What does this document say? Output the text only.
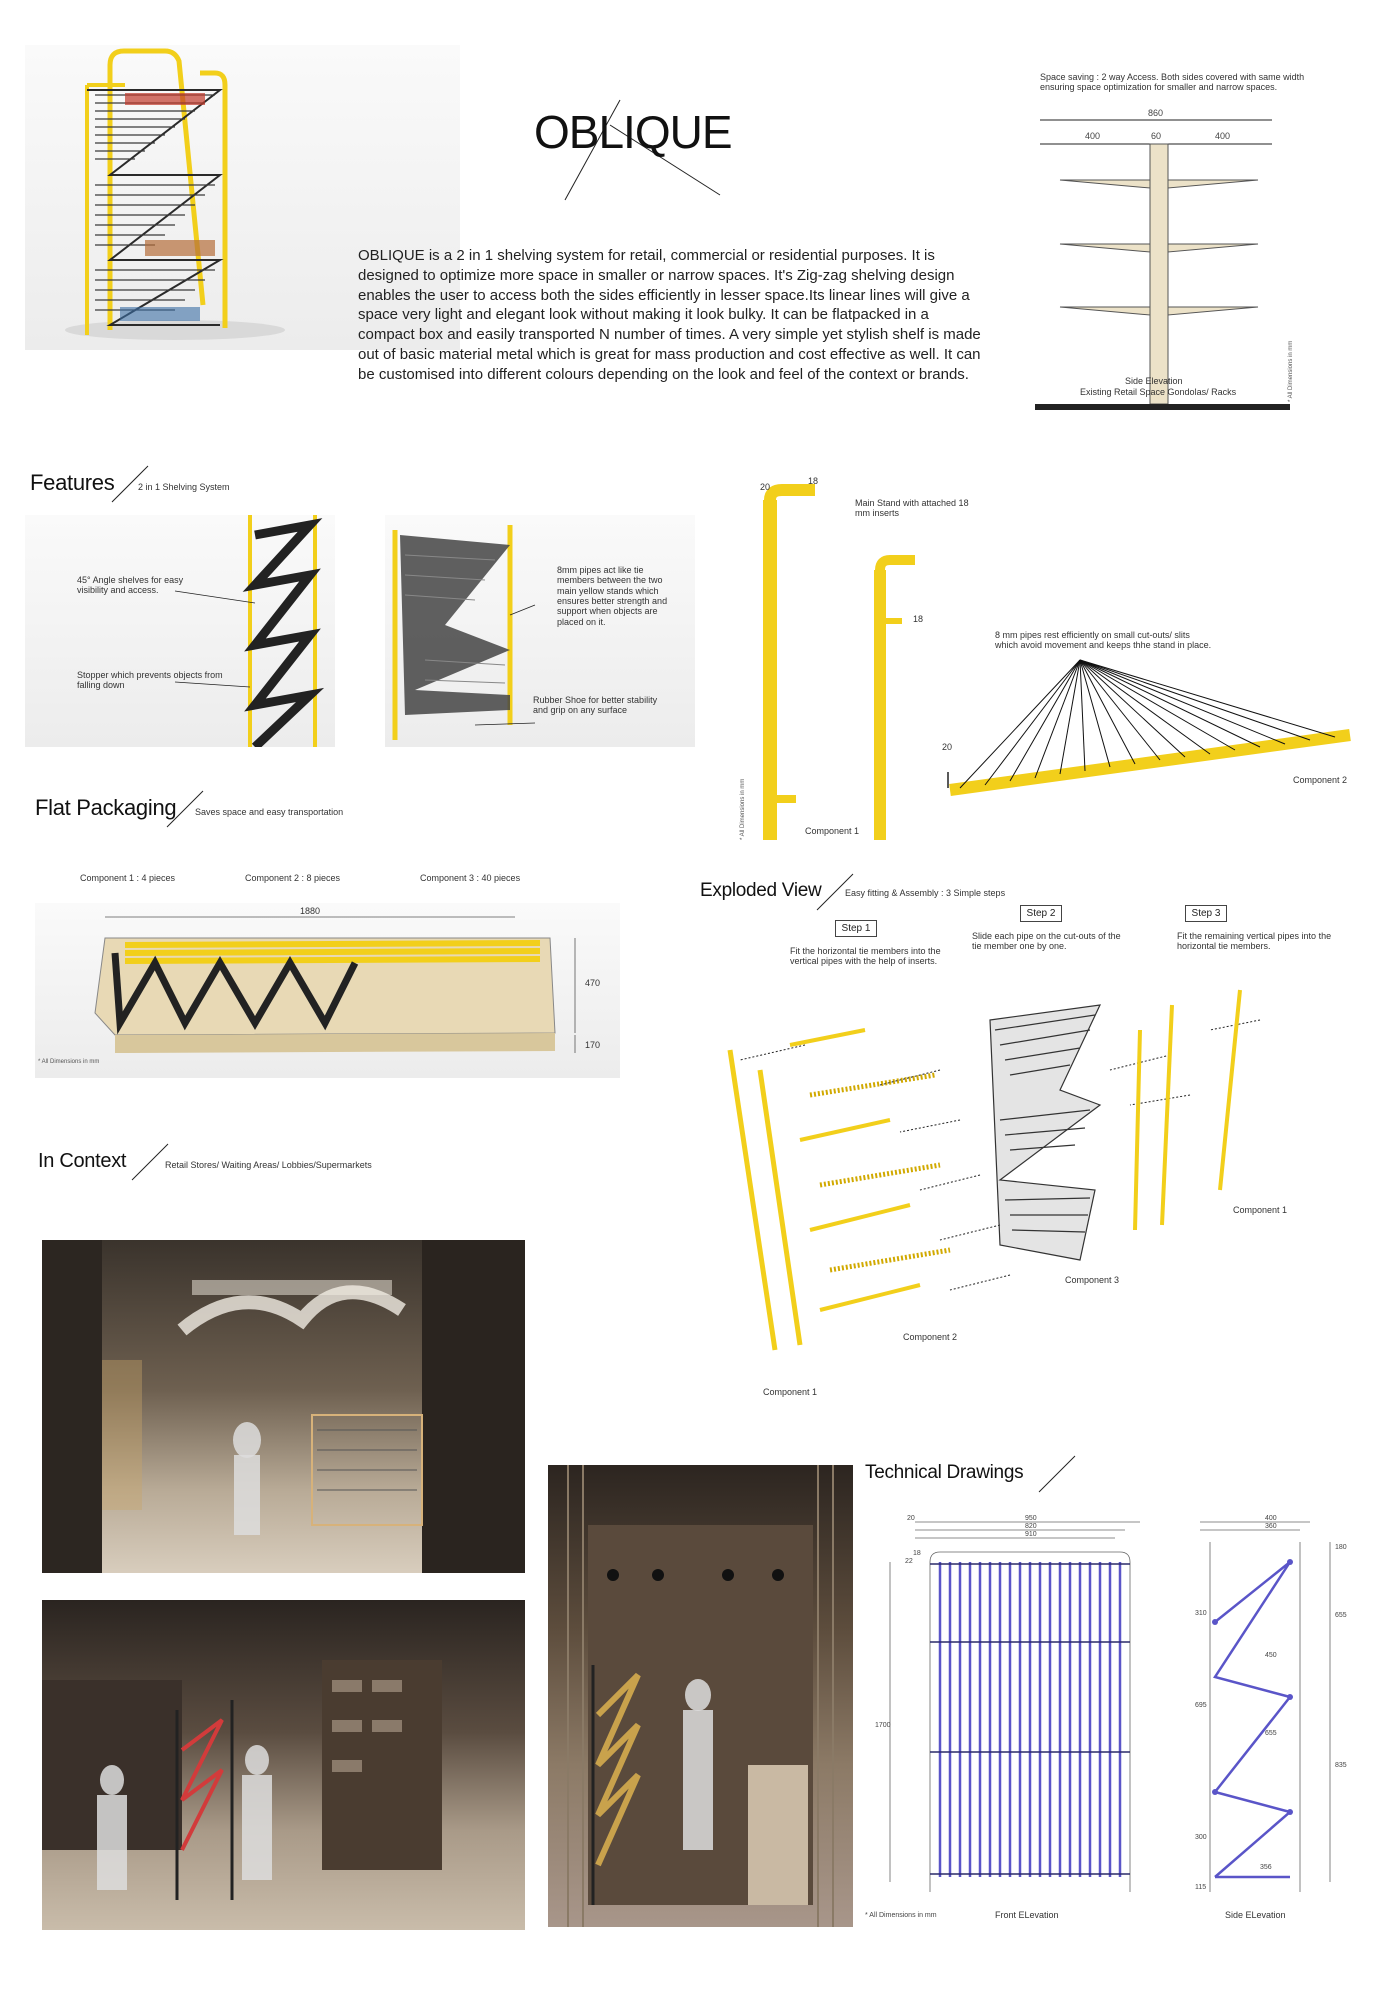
OBLIQUE
OBLIQUE is a 2 in 1 shelving system for retail, commercial or residential purposes. It is designed to optimize more space in smaller or narrow spaces. It's Zig-zag shelving design enables the user to access both the sides efficiently in lesser space.Its linear lines will give a space very light and elegant look without making it look bulky. It can be flatpacked in a compact box and easily transported N number of times. A very simple yet stylish shelf is made out of basic material metal which is great for mass production and cost effective as well. It can be customised into different colours depending on the look and feel of the context or brands.
Space saving : 2 way Access. Both sides covered with same width ensuring space optimization for smaller and narrow spaces.
* All Dimensions in mm
860
400	60	400
Side Elevation
Existing Retail Space Gondolas/ Racks
Features	2 in 1 Shelving System
45° Angle shelves for easy visibility and access.
Stopper which prevents objects from falling down
8mm pipes act like tie members between the two main yellow stands which ensures better strength and support when objects are placed on it.
Rubber Shoe for better stability and grip on any surface
* All Dimensions in mm
20
18
Main Stand with attached 18 mm inserts
18
8 mm pipes rest efficiently on small cut-outs/ slits which avoid movement and keeps thhe stand in place.
20
Component 1
Component 2
Flat Packaging Saves space and easy transportation
Component 1 : 4 pieces	Component 2 : 8 pieces	Component 3 : 40 pieces
* All Dimensions in mm
1880
470
170
Exploded View	Easy fitting & Assembly : 3 Simple steps
Step 1
Fit the horizontal tie members into the vertical pipes with the help of inserts.
Step 2
Slide each pipe on the cut-outs of the tie member one by one.
Step 3
Fit the remaining vertical pipes into the horizontal tie members.
Component 1
Component 3
Component 2
Component 1
In Context	Retail Stores/ Waiting Areas/ Lobbies/Supermarkets
Technical Drawings
20	950
820
910
22
18
1700
400
360
180
310	655
450
695
655
835
300
356
115
* All Dimensions in mm	Front ELevation	Side ELevation
